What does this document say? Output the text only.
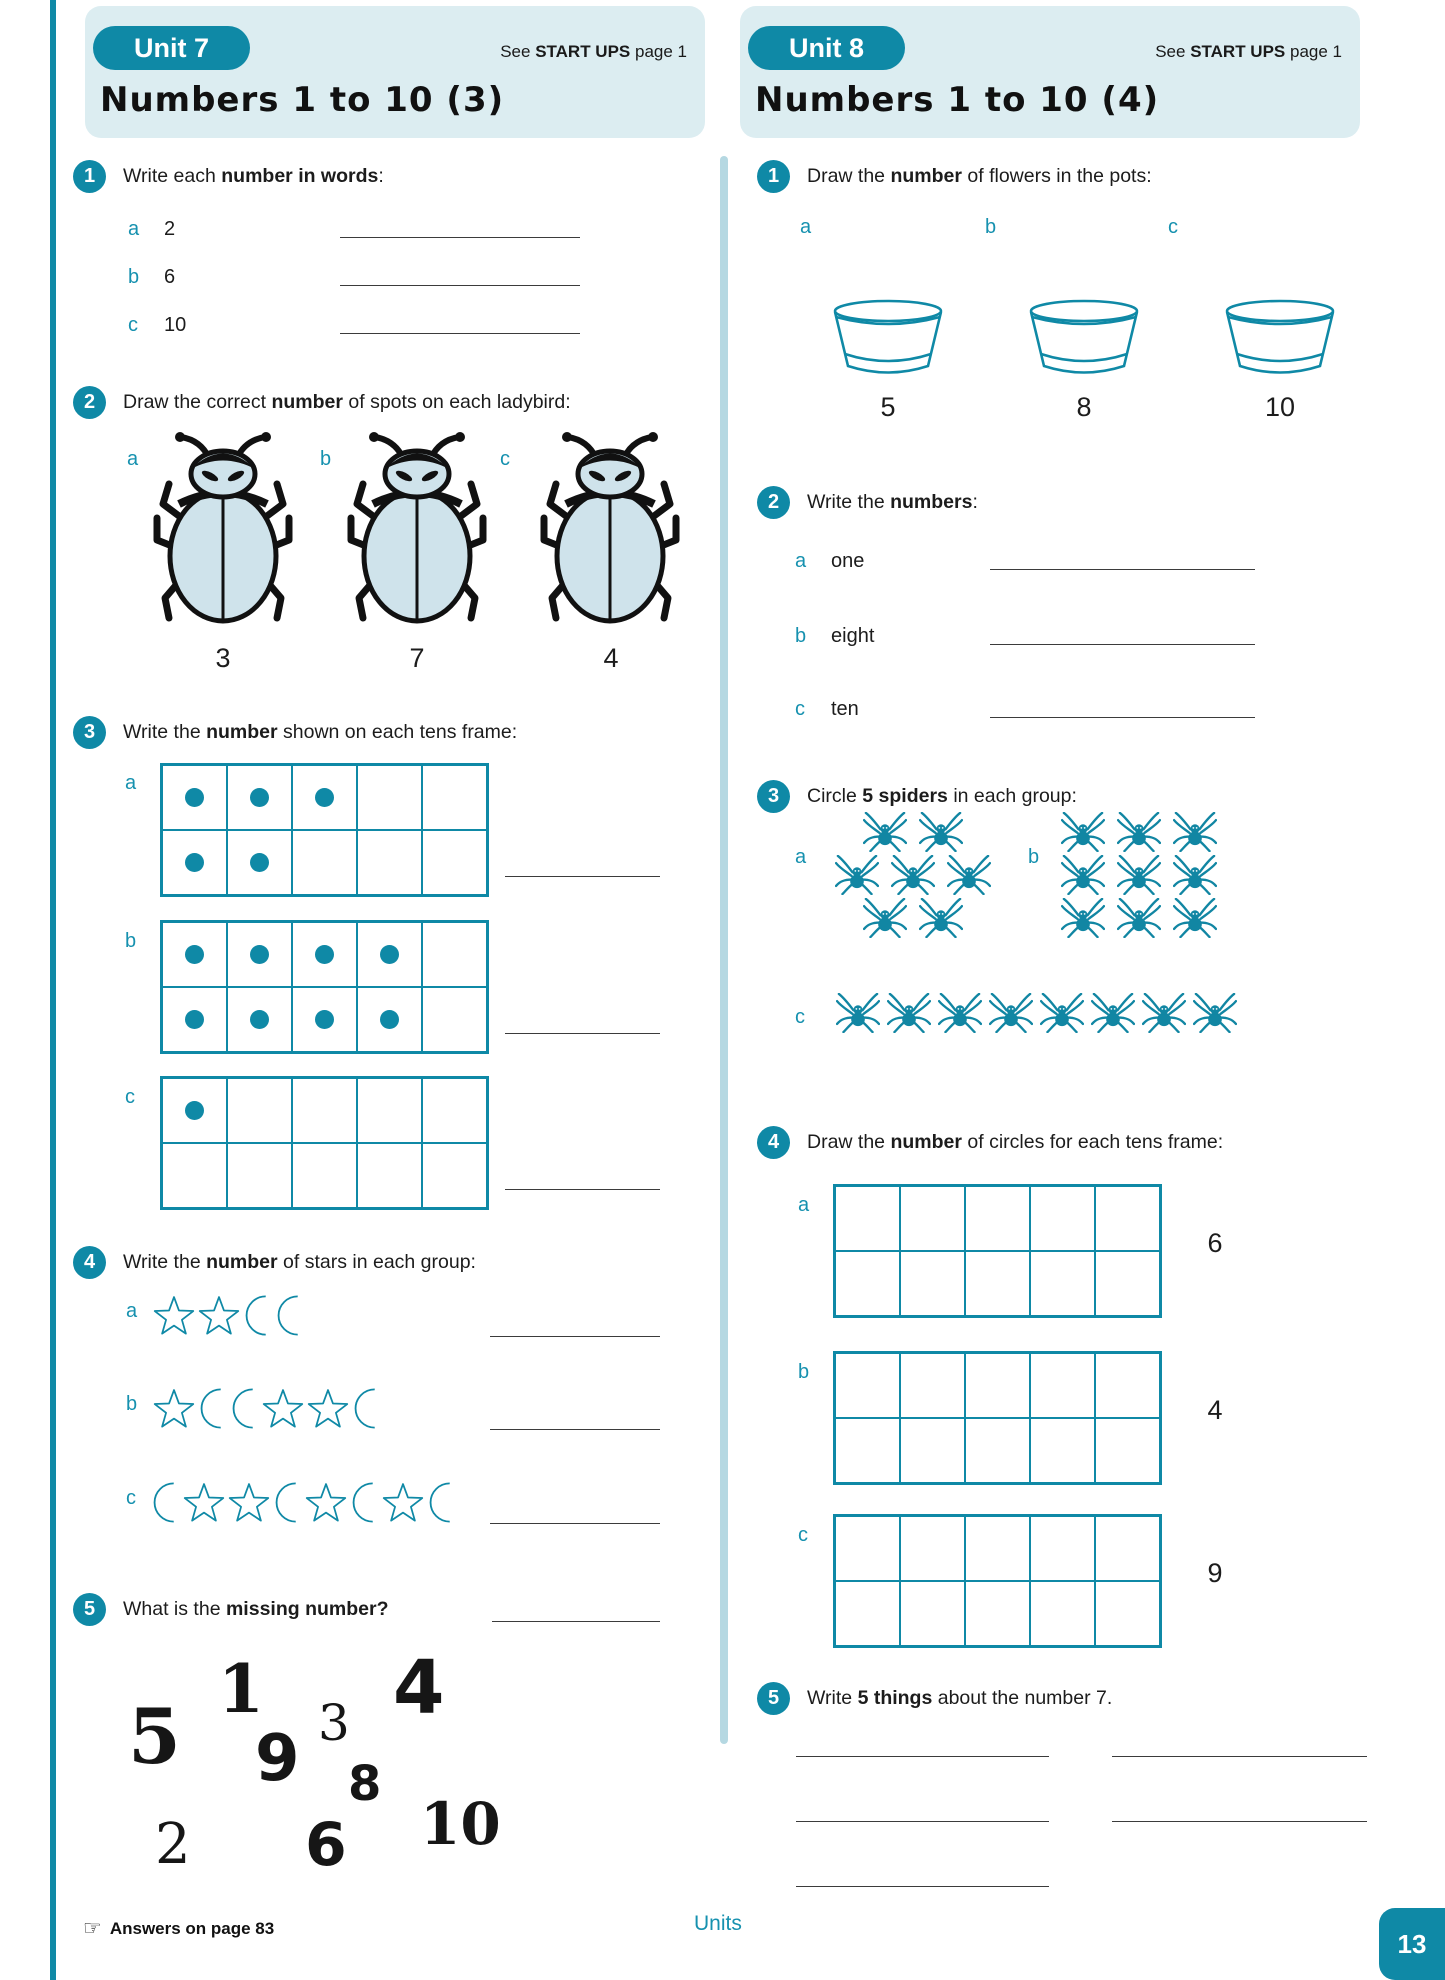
Unit 7	See START UPS page 1
Numbers 1 to 10 (3)
Unit 8	See START UPS page 1
Numbers 1 to 10 (4)
1	Write each number in words:
a	2
b	6
c	10
2	Draw the correct number of spots on each ladybird:
a	b	c
3	7	4
3	Write the number shown on each tens frame:
a
b
c
4	Write the number of stars in each group:
a
b
c
5	What is the missing number?
5
1 3 4
9 8
2 6 10
1	Draw the number of flowers in the pots:
a	b	c
5	8	10
2	Write the numbers:
a	one
b	eight
c	ten
3	Circle 5 spiders in each group:
a	b
c
4	Draw the number of circles for each tens frame:
a
6
b
4
c
9
5	Write 5 things about the number 7.
☞ Answers on page 83	Units
13
